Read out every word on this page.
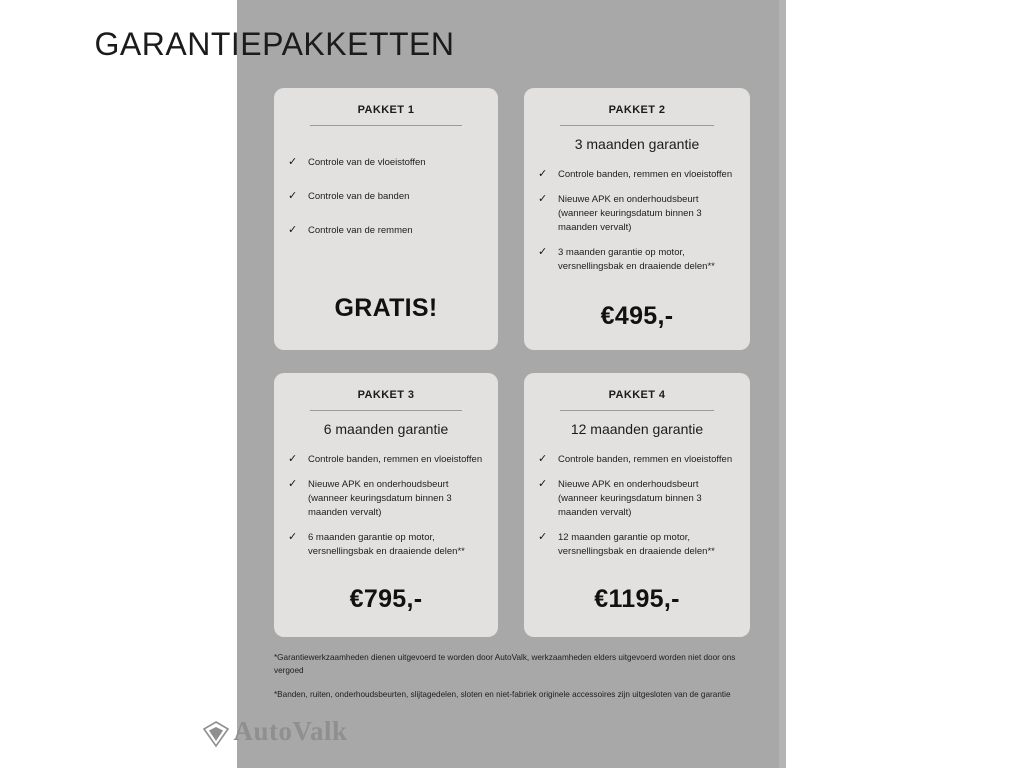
GARANTIEPAKKETTEN
PAKKET 1
✓	Controle van de vloeistoffen
✓	Controle van de banden
✓	Controle van de remmen
GRATIS!
PAKKET 2
3 maanden garantie
✓	Controle banden, remmen en vloeistoffen
✓	Nieuwe APK en onderhoudsbeurt (wanneer keuringsdatum binnen 3 maanden vervalt)
✓	3 maanden garantie op motor, versnellingsbak en draaiende delen**
€495,-
PAKKET 3
6 maanden garantie
✓	Controle banden, remmen en vloeistoffen
✓	Nieuwe APK en onderhoudsbeurt (wanneer keuringsdatum binnen 3 maanden vervalt)
✓	6 maanden garantie op motor, versnellingsbak en draaiende delen**
€795,-
PAKKET 4
12 maanden garantie
✓	Controle banden, remmen en vloeistoffen
✓	Nieuwe APK en onderhoudsbeurt (wanneer keuringsdatum binnen 3 maanden vervalt)
✓	12 maanden garantie op motor, versnellingsbak en draaiende delen**
€1195,-
*Garantiewerkzaamheden dienen uitgevoerd te worden door AutoValk, werkzaamheden elders uitgevoerd worden niet door ons vergoed
*Banden, ruiten, onderhoudsbeurten, slijtagedelen, sloten en niet-fabriek originele accessoires zijn uitgesloten van de garantie
AutoValk
